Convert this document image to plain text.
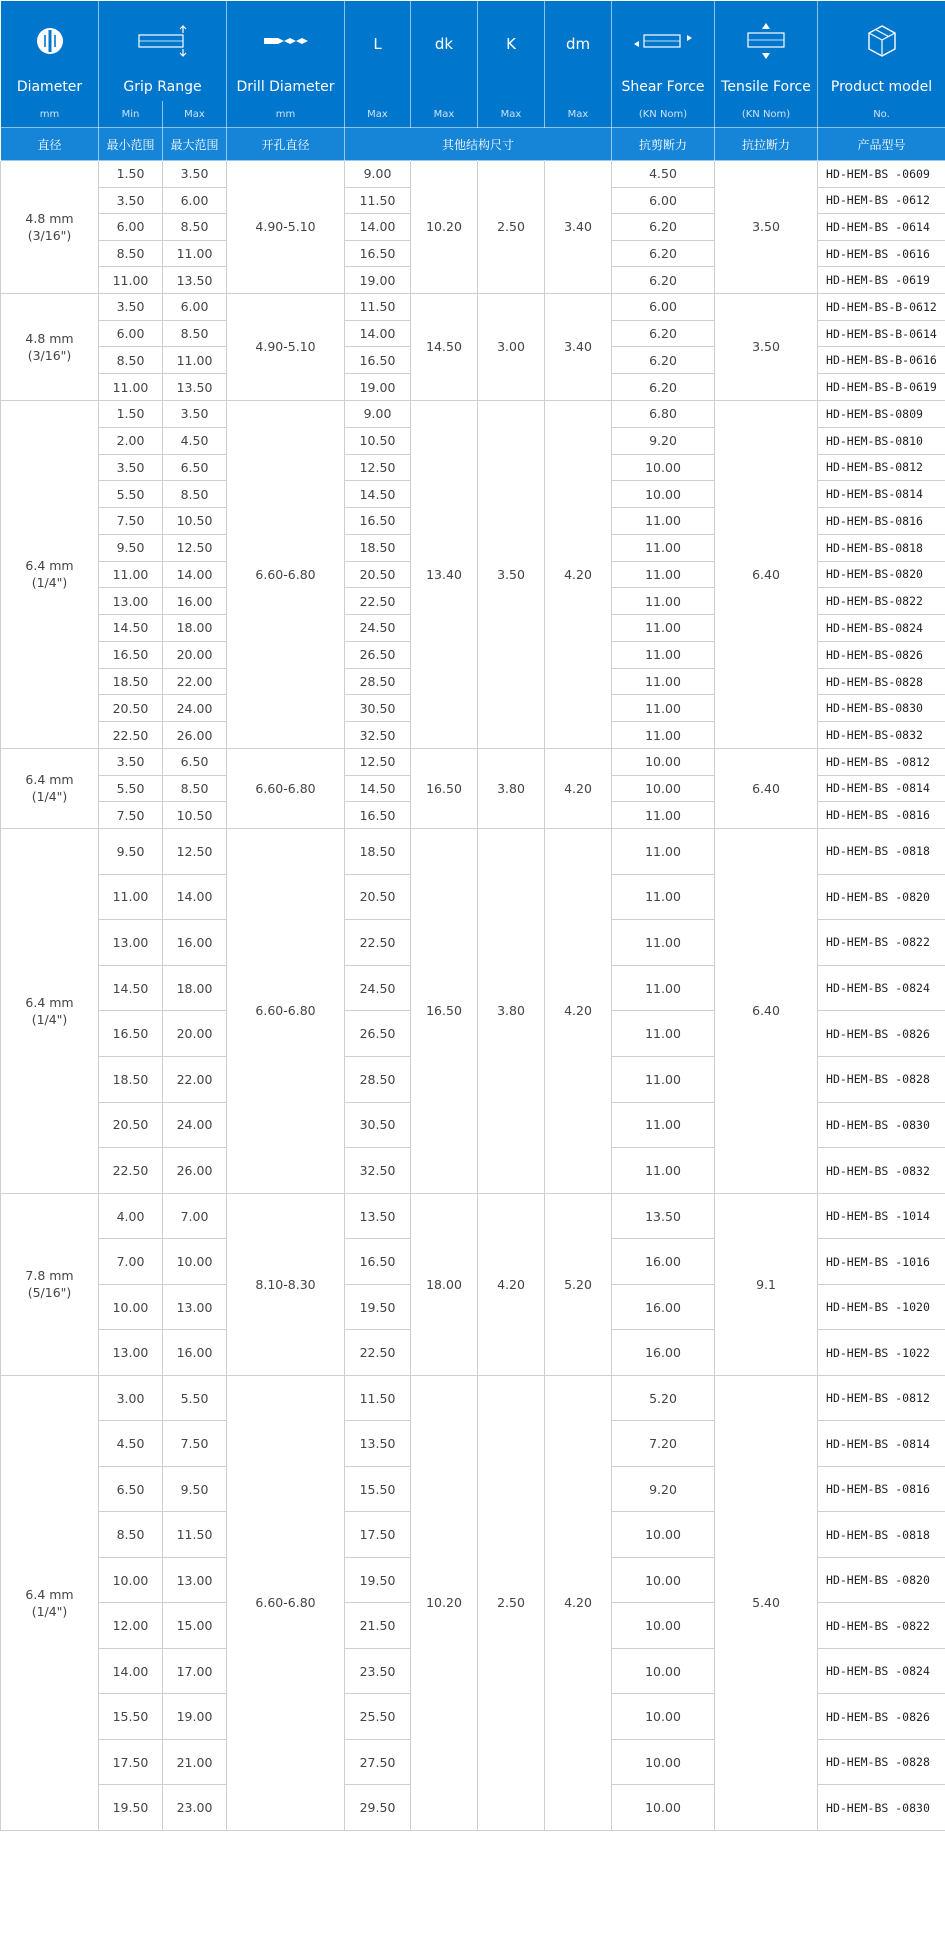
Diameter	Grip Range		Drill Diameter	L	dk	K	dm	Shear Force	Tensile Force	Product model

mm	Min	Max	mm	Max	Max	Max	Max	(KN Nom)	(KN Nom)	No.
直径	最小范围	最大范围	开孔直径	其他结构尺寸				抗剪断力	抗拉断力	产品型号

4.8 mm
(3/16")	1.50	3.50	4.90-5.10	9.00	10.20	2.50	3.40	4.50	3.50	HD-HEM-BS -0609
	3.50	6.00		11.50				6.00		HD-HEM-BS -0612
	6.00	8.50		14.00				6.20		HD-HEM-BS -0614
	8.50	11.00		16.50				6.20		HD-HEM-BS -0616
	11.00	13.50		19.00				6.20		HD-HEM-BS -0619

4.8 mm
(3/16")	3.50	6.00	4.90-5.10	11.50	14.50	3.00	3.40	6.00	3.50	HD-HEM-BS-B-0612
	6.00	8.50		14.00				6.20		HD-HEM-BS-B-0614
	8.50	11.00		16.50				6.20		HD-HEM-BS-B-0616
	11.00	13.50		19.00				6.20		HD-HEM-BS-B-0619

6.4 mm
(1/4")	1.50	3.50	6.60-6.80	9.00	13.40	3.50	4.20	6.80	6.40	HD-HEM-BS-0809
	2.00	4.50		10.50				9.20		HD-HEM-BS-0810
	3.50	6.50		12.50				10.00		HD-HEM-BS-0812
	5.50	8.50		14.50				10.00		HD-HEM-BS-0814
	7.50	10.50		16.50				11.00		HD-HEM-BS-0816
	9.50	12.50		18.50				11.00		HD-HEM-BS-0818
	11.00	14.00		20.50				11.00		HD-HEM-BS-0820
	13.00	16.00		22.50				11.00		HD-HEM-BS-0822
	14.50	18.00		24.50				11.00		HD-HEM-BS-0824
	16.50	20.00		26.50				11.00		HD-HEM-BS-0826
	18.50	22.00		28.50				11.00		HD-HEM-BS-0828
	20.50	24.00		30.50				11.00		HD-HEM-BS-0830
	22.50	26.00		32.50				11.00		HD-HEM-BS-0832

6.4 mm
(1/4")	3.50	6.50	6.60-6.80	12.50	16.50	3.80	4.20	10.00	6.40	HD-HEM-BS -0812
	5.50	8.50		14.50				10.00		HD-HEM-BS -0814
	7.50	10.50		16.50				11.00		HD-HEM-BS -0816

6.4 mm
(1/4")	9.50	12.50	6.60-6.80	18.50	16.50	3.80	4.20	11.00	6.40	HD-HEM-BS -0818
	11.00	14.00		20.50				11.00		HD-HEM-BS -0820
	13.00	16.00		22.50				11.00		HD-HEM-BS -0822
	14.50	18.00		24.50				11.00		HD-HEM-BS -0824
	16.50	20.00		26.50				11.00		HD-HEM-BS -0826
	18.50	22.00		28.50				11.00		HD-HEM-BS -0828
	20.50	24.00		30.50				11.00		HD-HEM-BS -0830
	22.50	26.00		32.50				11.00		HD-HEM-BS -0832

7.8 mm
(5/16")	4.00	7.00	8.10-8.30	13.50	18.00	4.20	5.20	13.50	9.1	HD-HEM-BS -1014
	7.00	10.00		16.50				16.00		HD-HEM-BS -1016
	10.00	13.00		19.50				16.00		HD-HEM-BS -1020
	13.00	16.00		22.50				16.00		HD-HEM-BS -1022

6.4 mm
(1/4")	3.00	5.50	6.60-6.80	11.50	10.20	2.50	4.20	5.20	5.40	HD-HEM-BS -0812
	4.50	7.50		13.50				7.20		HD-HEM-BS -0814
	6.50	9.50		15.50				9.20		HD-HEM-BS -0816
	8.50	11.50		17.50				10.00		HD-HEM-BS -0818
	10.00	13.00		19.50				10.00		HD-HEM-BS -0820
	12.00	15.00		21.50				10.00		HD-HEM-BS -0822
	14.00	17.00		23.50				10.00		HD-HEM-BS -0824
	15.50	19.00		25.50				10.00		HD-HEM-BS -0826
	17.50	21.00		27.50				10.00		HD-HEM-BS -0828
	19.50	23.00		29.50				10.00		HD-HEM-BS -0830
